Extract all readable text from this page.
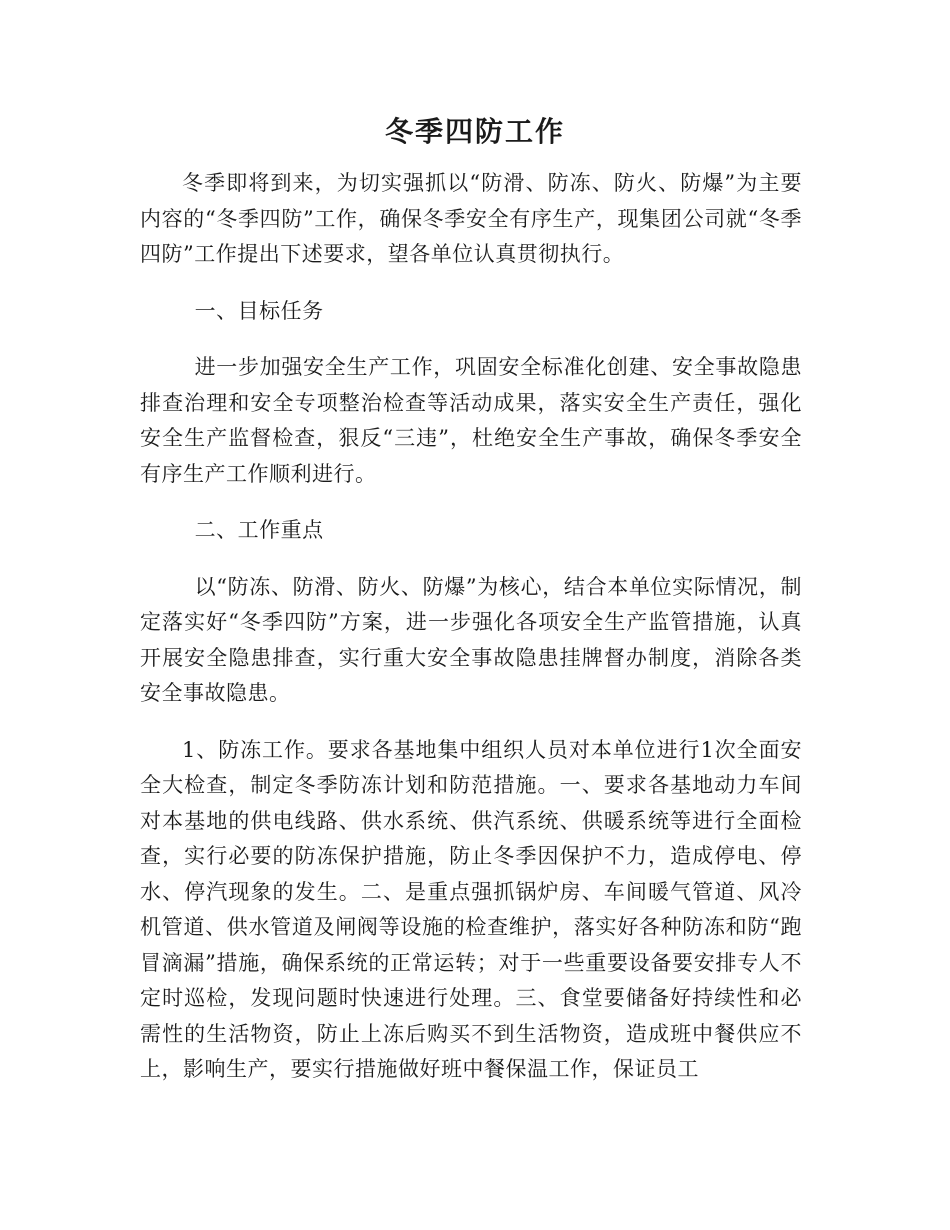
冬季四防工作

冬季即将到来，为切实强抓以“防滑、防冻、防火、防爆”为主要内容的“冬季四防”工作，确保冬季安全有序生产，现集团公司就“冬季四防”工作提出下述要求，望各单位认真贯彻执行。

一、目标任务

进一步加强安全生产工作，巩固安全标准化创建、安全事故隐患排查治理和安全专项整治检查等活动成果，落实安全生产责任，强化安全生产监督检查，狠反“三违”，杜绝安全生产事故，确保冬季安全有序生产工作顺利进行。

二、工作重点

以“防冻、防滑、防火、防爆”为核心，结合本单位实际情况，制定落实好“冬季四防”方案，进一步强化各项安全生产监管措施，认真开展安全隐患排查，实行重大安全事故隐患挂牌督办制度，消除各类安全事故隐患。

1、防冻工作。要求各基地集中组织人员对本单位进行1次全面安全大检查，制定冬季防冻计划和防范措施。一、要求各基地动力车间对本基地的供电线路、供水系统、供汽系统、供暖系统等进行全面检查，实行必要的防冻保护措施，防止冬季因保护不力，造成停电、停水、停汽现象的发生。二、是重点强抓锅炉房、车间暖气管道、风冷机管道、供水管道及闸阀等设施的检查维护，落实好各种防冻和防“跑冒滴漏”措施，确保系统的正常运转；对于一些重要设备要安排专人不定时巡检，发现问题时快速进行处理。三、食堂要储备好持续性和必需性的生活物资，防止上冻后购买不到生活物资，造成班中餐供应不上，影响生产，要实行措施做好班中餐保温工作，保证员工
